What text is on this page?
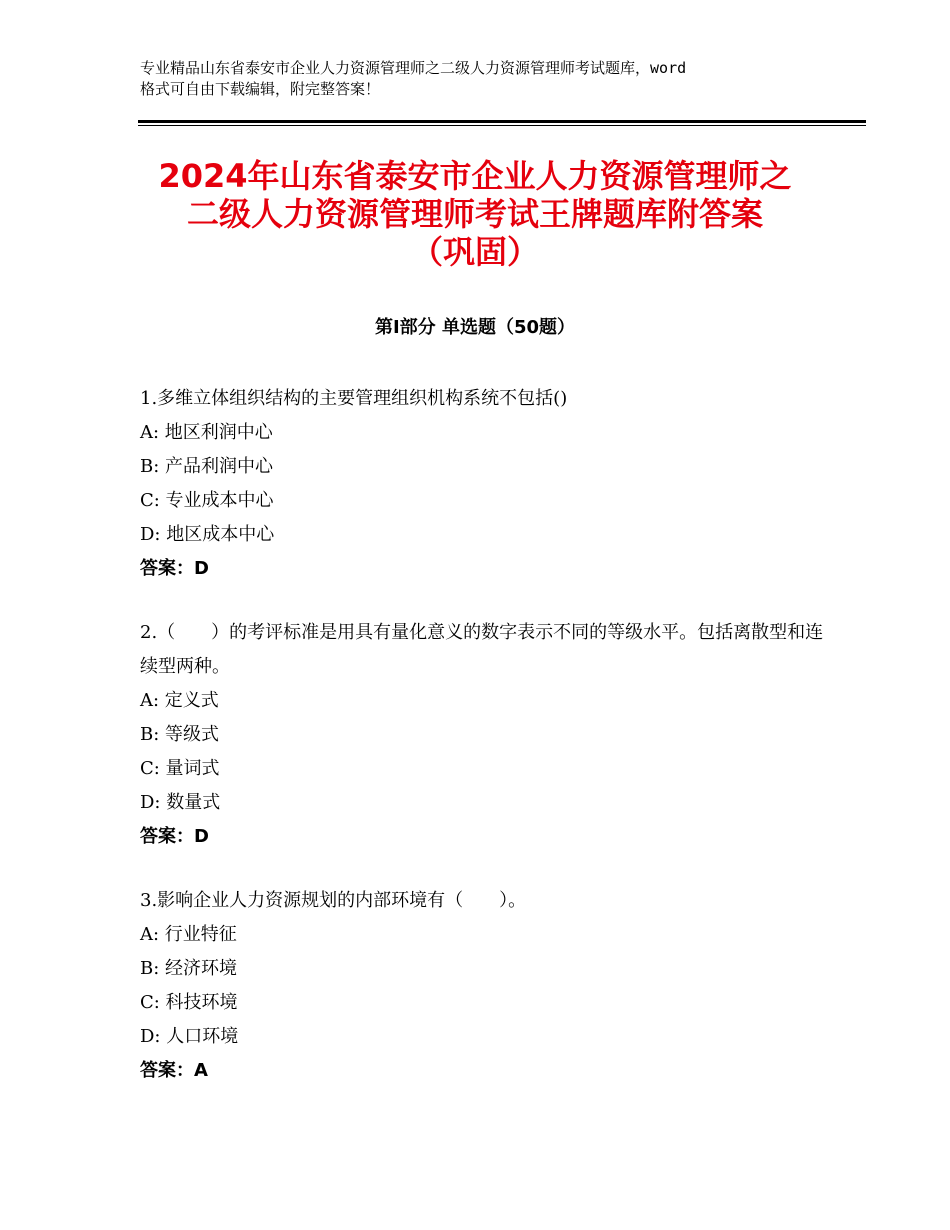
专业精品山东省泰安市企业人力资源管理师之二级人力资源管理师考试题库，word
格式可自由下载编辑，附完整答案！
2024年山东省泰安市企业人力资源管理师之
二级人力资源管理师考试王牌题库附答案
（巩固）
第Ⅰ部分 单选题（50题）
1.多维立体组织结构的主要管理组织机构系统不包括()
A: 地区利润中心
B: 产品利润中心
C: 专业成本中心
D: 地区成本中心
答案：D
2.（　　）的考评标准是用具有量化意义的数字表示不同的等级水平。包括离散型和连续型两种。
A: 定义式
B: 等级式
C: 量词式
D: 数量式
答案：D
3.影响企业人力资源规划的内部环境有（　　）。
A: 行业特征
B: 经济环境
C: 科技环境
D: 人口环境
答案：A
